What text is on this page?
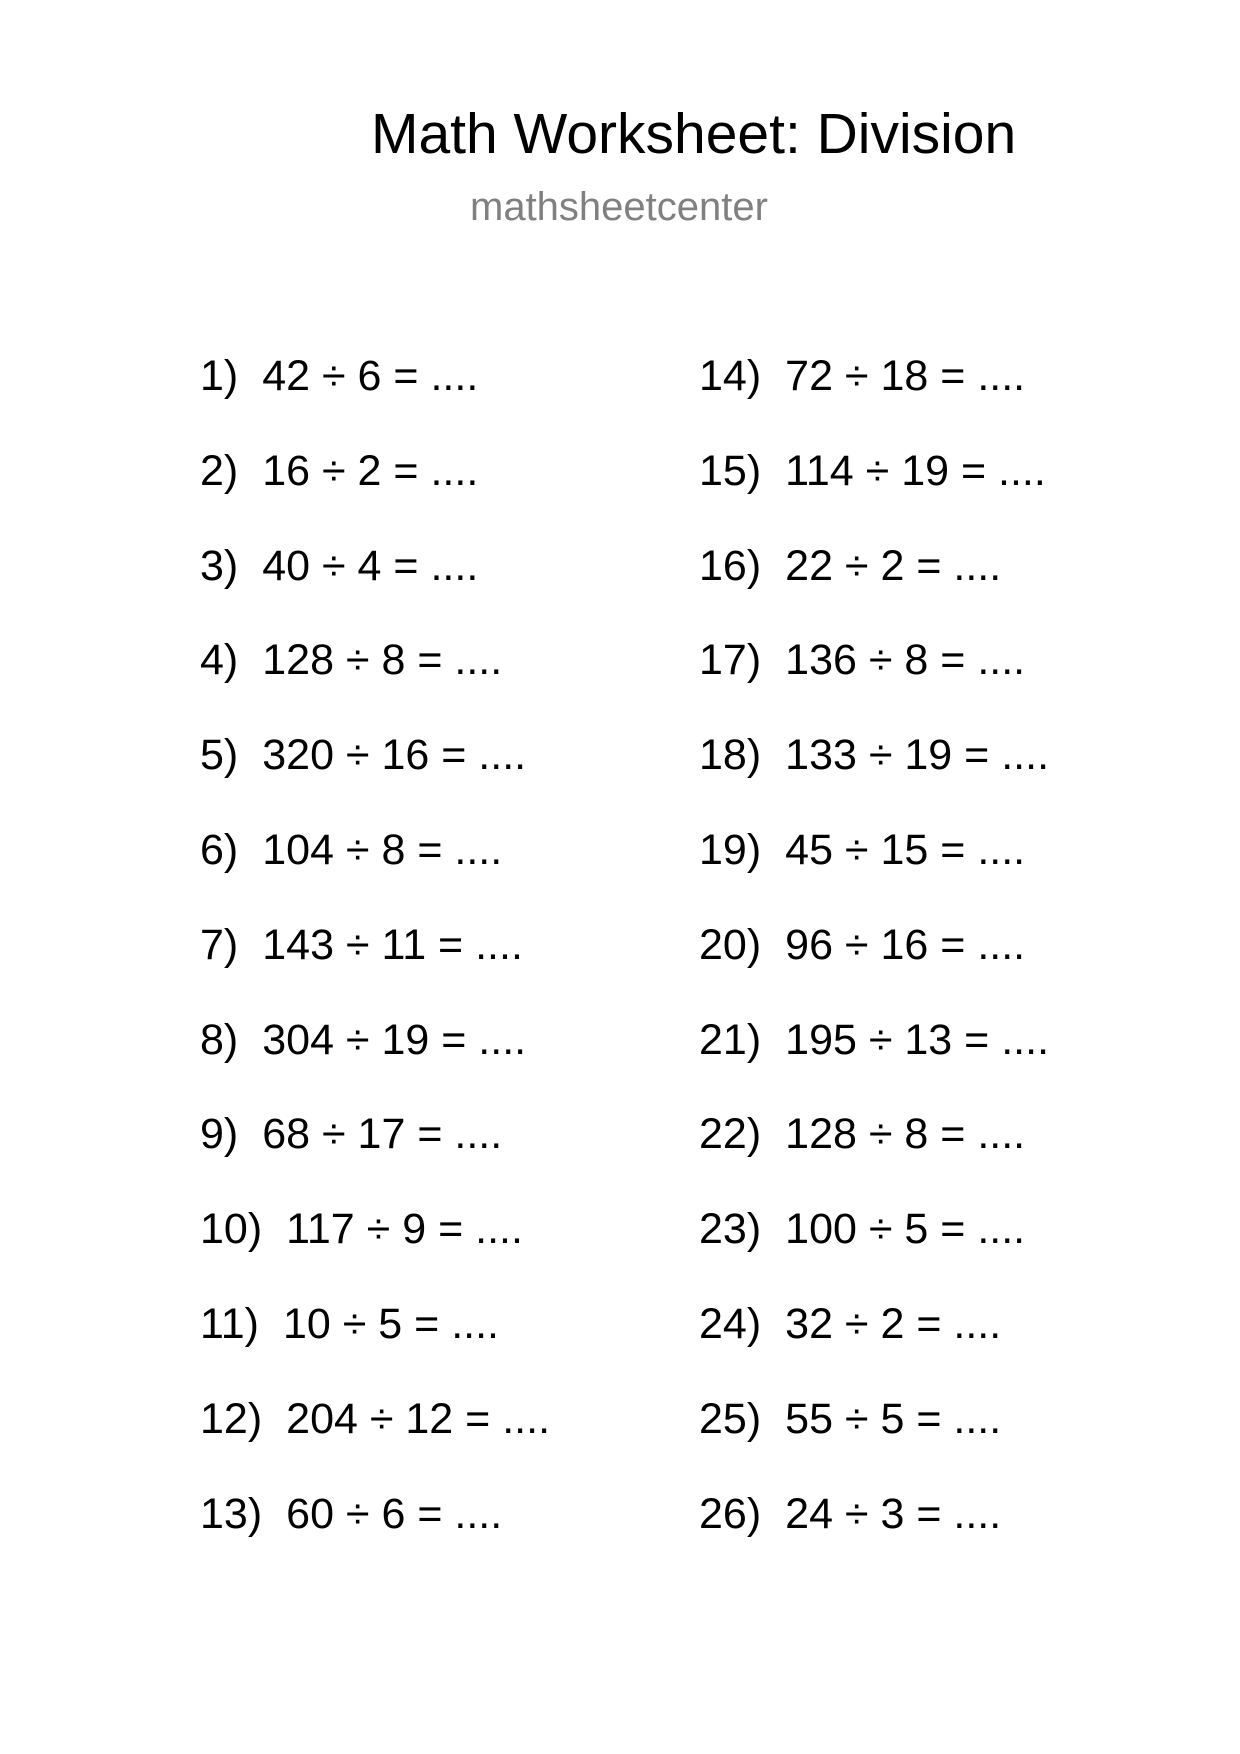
Math Worksheet: Division
mathsheetcenter
1) 42 ÷ 6 = ....
2) 16 ÷ 2 = ....
3) 40 ÷ 4 = ....
4) 128 ÷ 8 = ....
5) 320 ÷ 16 = ....
6) 104 ÷ 8 = ....
7) 143 ÷ 11 = ....
8) 304 ÷ 19 = ....
9) 68 ÷ 17 = ....
10) 117 ÷ 9 = ....
11) 10 ÷ 5 = ....
12) 204 ÷ 12 = ....
13) 60 ÷ 6 = ....
14) 72 ÷ 18 = ....
15) 114 ÷ 19 = ....
16) 22 ÷ 2 = ....
17) 136 ÷ 8 = ....
18) 133 ÷ 19 = ....
19) 45 ÷ 15 = ....
20) 96 ÷ 16 = ....
21) 195 ÷ 13 = ....
22) 128 ÷ 8 = ....
23) 100 ÷ 5 = ....
24) 32 ÷ 2 = ....
25) 55 ÷ 5 = ....
26) 24 ÷ 3 = ....
